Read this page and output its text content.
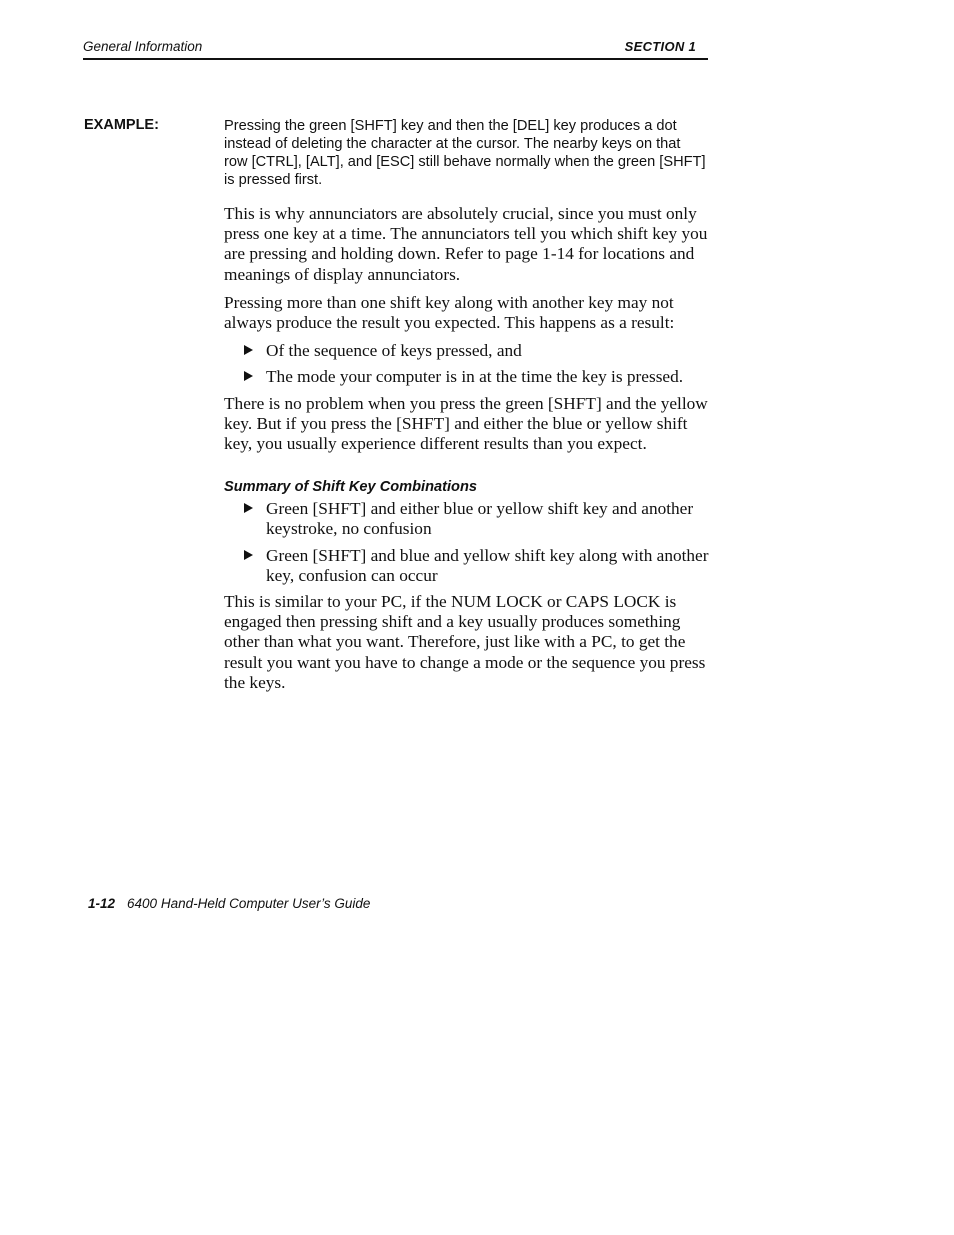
General Information	SECTION 1
EXAMPLE:	Pressing the green [SHFT] key and then the [DEL] key produces a dot instead of deleting the character at the cursor. The nearby keys on that row [CTRL], [ALT], and [ESC] still behave normally when the green [SHFT] is pressed first.

This is why annunciators are absolutely crucial, since you must only press one key at a time. The annunciators tell you which shift key you are pressing and holding down. Refer to page 1-14 for locations and meanings of display annunciators.

Pressing more than one shift key along with another key may not always produce the result you expected. This happens as a result:

Of the sequence of keys pressed, and
The mode your computer is in at the time the key is pressed.

There is no problem when you press the green [SHFT] and the yellow key. But if you press the [SHFT] and either the blue or yellow shift key, you usually experience different results than you expect.

Summary of Shift Key Combinations
Green [SHFT] and either blue or yellow shift key and another keystroke, no confusion
Green [SHFT] and blue and yellow shift key along with another key, confusion can occur

This is similar to your PC, if the NUM LOCK or CAPS LOCK is engaged then pressing shift and a key usually produces something other than what you want. Therefore, just like with a PC, to get the result you want you have to change a mode or the sequence you press the keys.

1-12 6400 Hand-Held Computer User’s Guide
